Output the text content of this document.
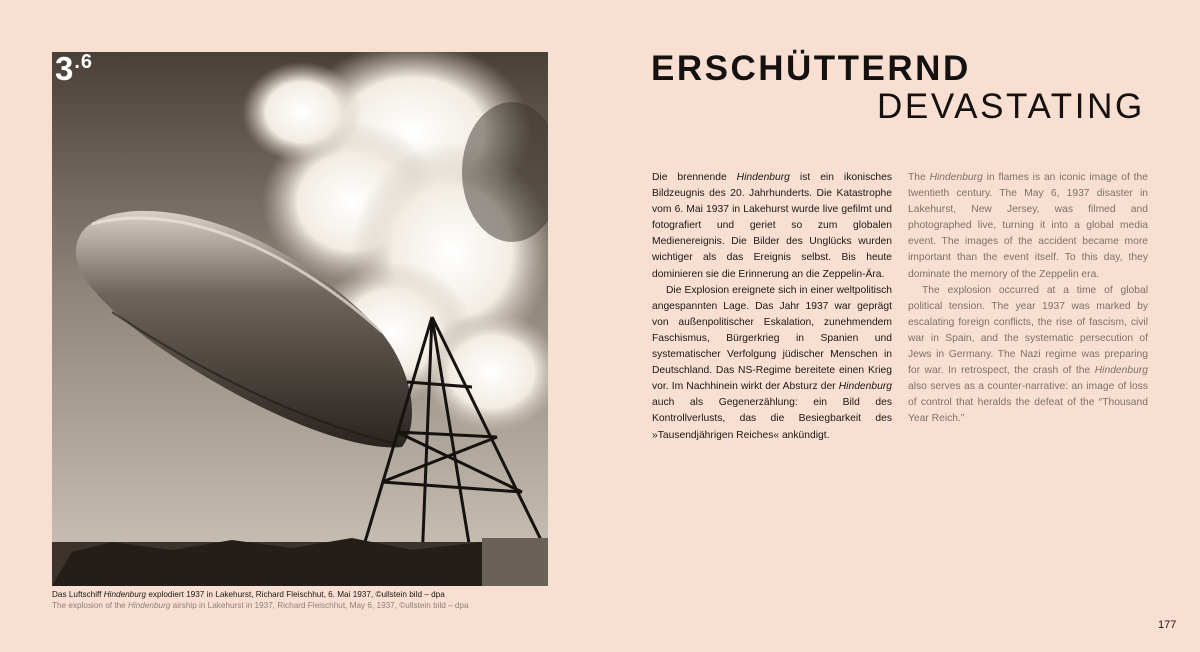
$3^{.6}$
Das Luftschiff Hindenburg explodiert 1937 in Lakehurst, Richard Fleischhut, 6. Mai 1937, ©ullstein bild – dpa
The explosion of the Hindenburg airship in Lakehurst in 1937, Richard Fleischhut, May 6, 1937, ©ullstein bild – dpa
ERSCHÜTTERND
DEVASTATING

Die brennende Hindenburg ist ein ikonisches Bildzeugnis des 20. Jahrhunderts. Die Katastrophe vom 6. Mai 1937 in Lakehurst wurde live gefilmt und fotografiert und geriet so zum globalen Medienereignis. Die Bilder des Unglücks wurden wichtiger als das Ereignis selbst. Bis heute dominieren sie die Erinnerung an die Zeppelin-Ära.

Die Explosion ereignete sich in einer weltpolitisch angespannten Lage. Das Jahr 1937 war geprägt von außenpolitischer Eskalation, zunehmendem Faschismus, Bürgerkrieg in Spanien und systematischer Verfolgung jüdischer Menschen in Deutschland. Das NS-Regime bereitete einen Krieg vor. Im Nachhinein wirkt der Absturz der Hindenburg auch als Gegenerzählung: ein Bild des Kontrollverlusts, das die Besiegbarkeit des »Tausendjährigen Reiches« ankündigt.

The Hindenburg in flames is an iconic image of the twentieth century. The May 6, 1937 disaster in Lakehurst, New Jersey, was filmed and photographed live, turning it into a global media event. The images of the accident became more important than the event itself. To this day, they dominate the memory of the Zeppelin era.

The explosion occurred at a time of global political tension. The year 1937 was marked by escalating foreign conflicts, the rise of fascism, civil war in Spain, and the systematic persecution of Jews in Germany. The Nazi regime was preparing for war. In retrospect, the crash of the Hindenburg also serves as a counter-narrative: an image of loss of control that heralds the defeat of the “Thousand Year Reich.”

177
